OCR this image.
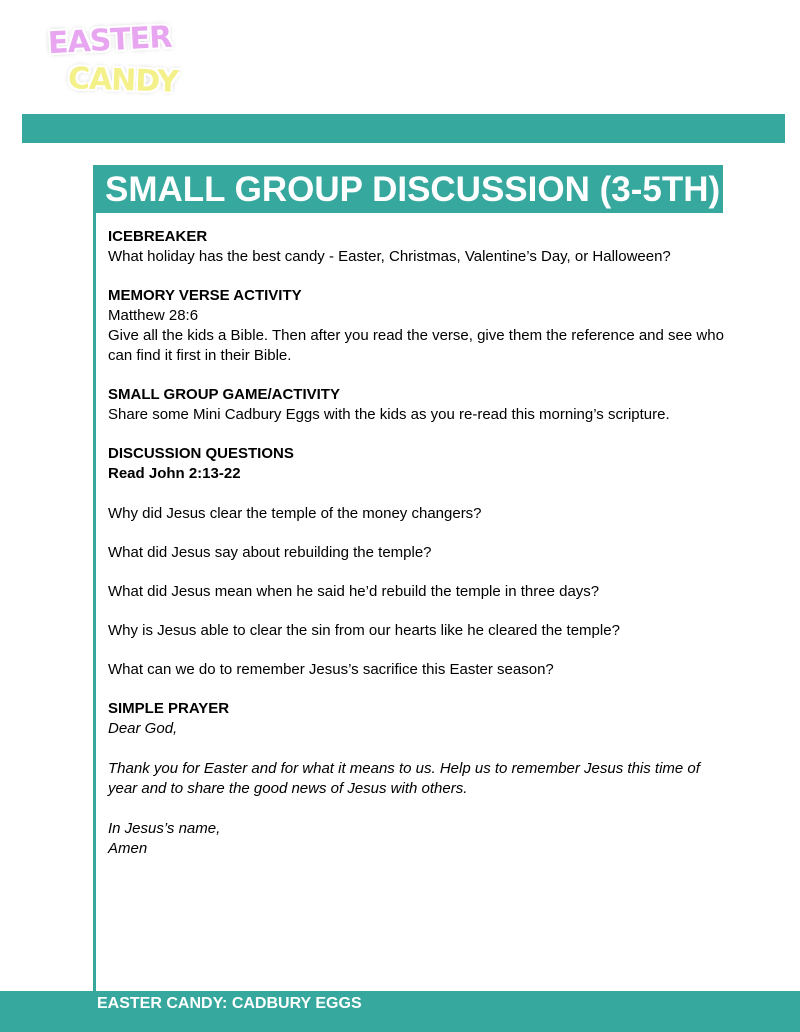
EASTER
CANDY
SMALL GROUP DISCUSSION (3-5TH)
ICEBREAKER

What holiday has the best candy - Easter, Christmas, Valentine’s Day, or Halloween?

MEMORY VERSE ACTIVITY

Matthew 28:6

Give all the kids a Bible. Then after you read the verse, give them the reference and see who can find it first in their Bible.

SMALL GROUP GAME/ACTIVITY

Share some Mini Cadbury Eggs with the kids as you re-read this morning’s scripture.

DISCUSSION QUESTIONS
Read John 2:13-22

Why did Jesus clear the temple of the money changers?

What did Jesus say about rebuilding the temple?

What did Jesus mean when he said he’d rebuild the temple in three days?

Why is Jesus able to clear the sin from our hearts like he cleared the temple?

What can we do to remember Jesus’s sacrifice this Easter season?

SIMPLE PRAYER

Dear God,

Thank you for Easter and for what it means to us. Help us to remember Jesus this time of year and to share the good news of Jesus with others.

In Jesus’s name,

Amen

EASTER CANDY: CADBURY EGGS
